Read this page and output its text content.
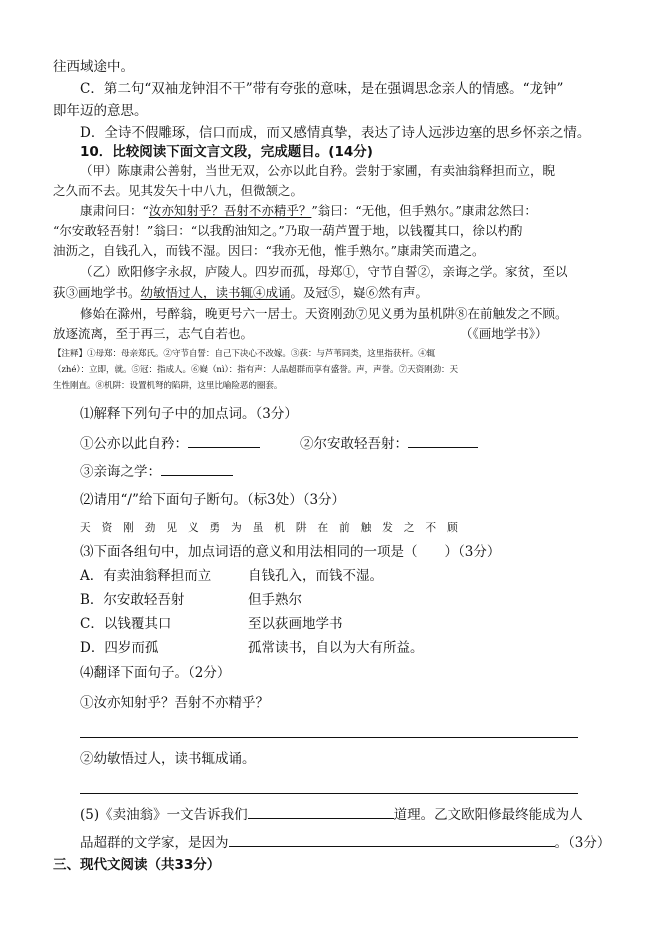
往西域途中。
C．第二句“双袖龙钟泪不干”带有夸张的意味，是在强调思念亲人的情感。“龙钟”
即年迈的意思。
D．全诗不假雕琢，信口而成，而又感情真挚，表达了诗人远涉边塞的思乡怀亲之情。
10．比较阅读下面文言文段，完成题目。(14分)
（甲）陈康肃公善射，当世无双，公亦以此自矜。尝射于家圃，有卖油翁释担而立，睨
之久而不去。见其发矢十中八九，但微颔之。
康肃问曰：“汝亦知射乎？吾射不亦精乎？”翁曰：“无他，但手熟尔。”康肃忿然曰：
“尔安敢轻吾射！”翁曰：“以我酌油知之。”乃取一葫芦置于地，以钱覆其口，徐以杓酌
油沥之，自钱孔入，而钱不湿。因曰：“我亦无他，惟手熟尔。”康肃笑而遣之。
（乙）欧阳修字永叔，庐陵人。四岁而孤，母郑①，守节自誓②，亲诲之学。家贫，至以
荻③画地学书。幼敏悟过人，读书辄④成诵。及冠⑤，嶷⑥然有声。
修始在滁州，号醉翁，晚更号六一居士。天资刚劲⑦见义勇为虽机阱⑧在前触发之不顾。
放逐流离，至于再三，志气自若也。	（《画地学书》）
【注释】①母郑：母亲郑氏。②守节自誓：自己下决心不改嫁。③荻：与芦苇同类，这里指获杆。④辄
（zhé）：立即，就。⑤冠：指成人。⑥嶷（nì）：指有声：人品超群而享有盛誉。声，声誉。⑦天资刚劲：天
生性刚直。⑧机阱：设置机弩的陷阱，这里比喻险恶的圈套。
⑴解释下列句子中的加点词。（3分）
①公亦以此自矜：	②尔安敢轻吾射：
③亲诲之学：
⑵请用“/”给下面句子断句。（标3处）（3分）
天资刚劲见义勇为虽机阱在前触发之不顾
⑶下面各组句中，加点词语的意义和用法相同的一项是（　　）（3分）
A．有卖油翁释担而立	自钱孔入，而钱不湿。
B．尔安敢轻吾射	但手熟尔
C．以钱覆其口	至以荻画地学书
D．四岁而孤	孤常读书，自以为大有所益。
⑷翻译下面句子。（2分）
①汝亦知射乎？吾射不亦精乎？
②幼敏悟过人，读书辄成诵。
(5)《卖油翁》一文告诉我们	道理。乙文欧阳修最终能成为人
品超群的文学家，是因为	。（3分）
三、现代文阅读（共33分）
